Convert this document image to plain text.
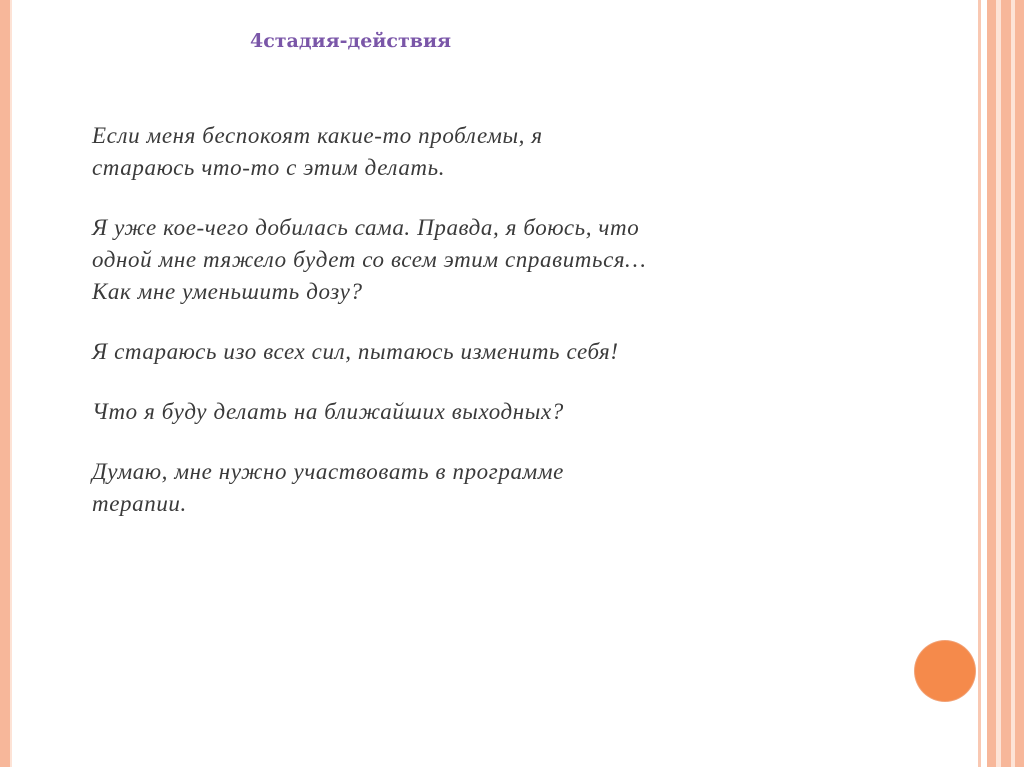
4стадия-действия

Если меня беспокоят какие-то проблемы, я
стараюсь что-то с этим делать.

Я уже кое-чего добилась сама. Правда, я боюсь, что
одной мне тяжело будет со всем этим справиться…
Как мне уменьшить дозу?

Я стараюсь изо всех сил, пытаюсь изменить себя!

Что я буду делать на ближайших выходных?

Думаю, мне нужно участвовать в программе
терапии.
